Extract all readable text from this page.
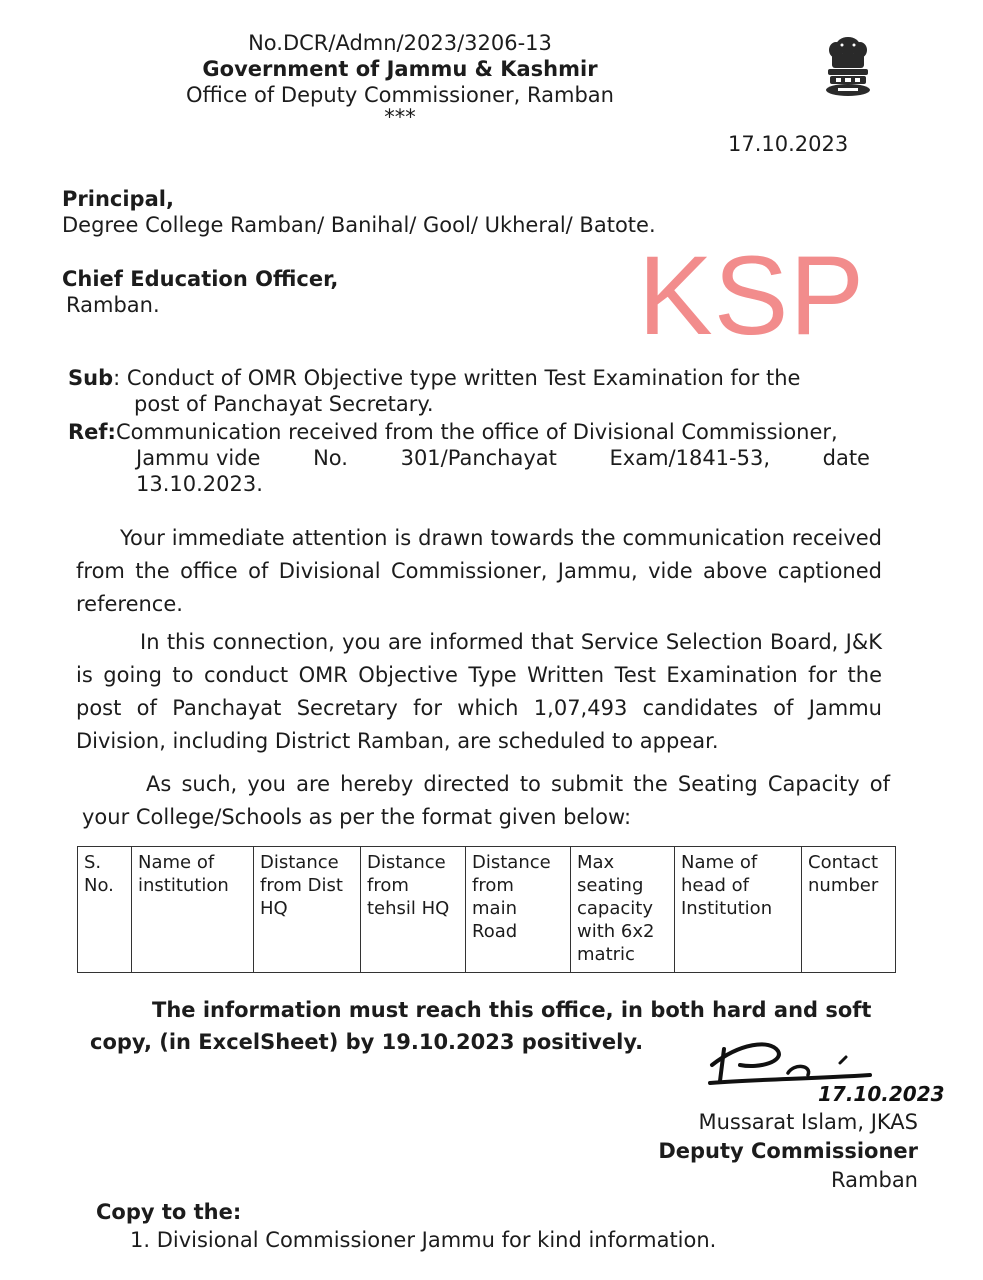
No.DCR/Admn/2023/3206-13
Government of Jammu & Kashmir
Office of Deputy Commissioner, Ramban
***
17.10.2023
Principal,
Degree College Ramban/ Banihal/ Gool/ Ukheral/ Batote.
Chief Education Officer,
Ramban.	KSP
Sub : Conduct of OMR Objective type written Test Examination for the
post of Panchayat Secretary.
Ref: Communication received from the office of Divisional Commissioner,
Jammu vide	No.	301/Panchayat	Exam/1841-53,	date
13.10.2023.

Your immediate attention is drawn towards the communication received from the office of Divisional Commissioner, Jammu, vide above captioned reference.

In this connection, you are informed that Service Selection Board, J&K is going to conduct OMR Objective Type Written Test Examination for the post of Panchayat Secretary for which 1,07,493 candidates of Jammu Division, including District Ramban, are scheduled to appear.

As such, you are hereby directed to submit the Seating Capacity of your College/Schools as per the format given below:

S. No.	Name of institution	Distance from Dist HQ	Distance from tehsil HQ	Distance from main Road	Max seating capacity with 6x2 matric	Name of head of Institution	Contact number

The information must reach this office, in both hard and soft copy, (in ExcelSheet) by 19.10.2023 positively.

17.10.2023
Mussarat Islam, JKAS
Deputy Commissioner
Ramban
Copy to the:
1. Divisional Commissioner Jammu for kind information.
